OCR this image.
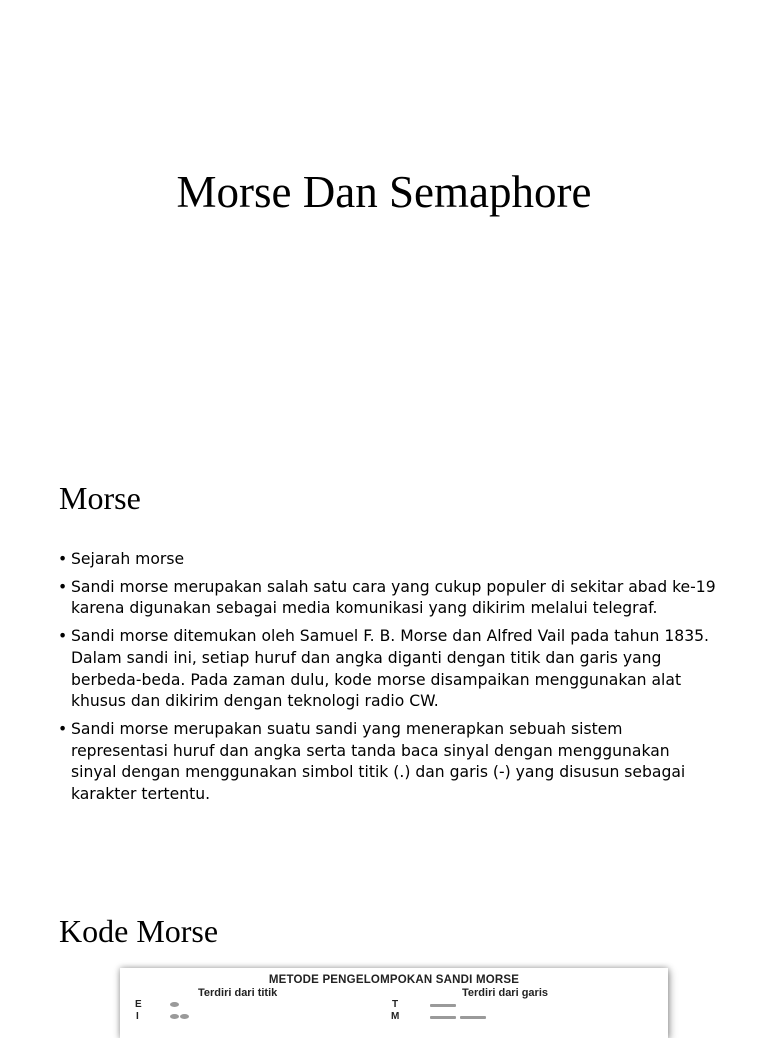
Morse Dan Semaphore
Morse
• Sejarah morse
• Sandi morse merupakan salah satu cara yang cukup populer di sekitar abad ke-19 karena digunakan sebagai media komunikasi yang dikirim melalui telegraf.
• Sandi morse ditemukan oleh Samuel F. B. Morse dan Alfred Vail pada tahun 1835. Dalam sandi ini, setiap huruf dan angka diganti dengan titik dan garis yang berbeda-beda. Pada zaman dulu, kode morse disampaikan menggunakan alat khusus dan dikirim dengan teknologi radio CW.
• Sandi morse merupakan suatu sandi yang menerapkan sebuah sistem representasi huruf dan angka serta tanda baca sinyal dengan menggunakan sinyal dengan menggunakan simbol titik (.) dan garis (-) yang disusun sebagai karakter tertentu.
Kode Morse
METODE PENGELOMPOKAN SANDI MORSE
Terdiri dari titik	Terdiri dari garis
E
I
T
M
